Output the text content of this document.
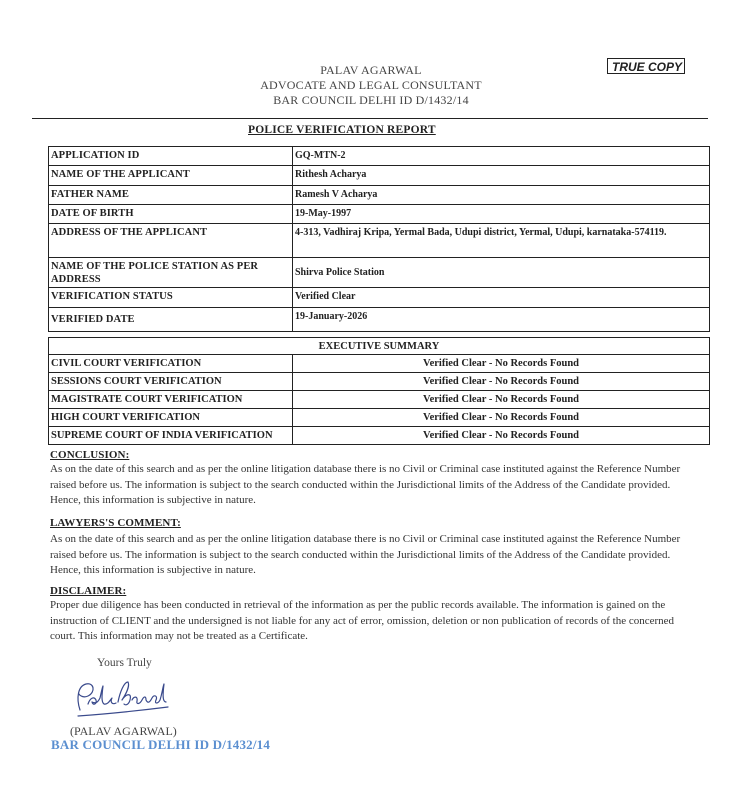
PALAV AGARWAL
ADVOCATE AND LEGAL CONSULTANT
BAR COUNCIL DELHI ID D/1432/14
TRUE COPY
POLICE VERIFICATION REPORT
APPLICATION ID	GQ-MTN-2
NAME OF THE APPLICANT	Rithesh Acharya
FATHER NAME	Ramesh V Acharya
DATE OF BIRTH	19-May-1997
ADDRESS OF THE APPLICANT	4-313, Vadhiraj Kripa, Yermal Bada, Udupi district, Yermal, Udupi, karnataka-574119.
NAME OF THE POLICE STATION AS PER ADDRESS	Shirva Police Station
VERIFICATION STATUS	Verified Clear
VERIFIED DATE	19-January-2026
EXECUTIVE SUMMARY	
CIVIL COURT VERIFICATION	Verified Clear - No Records Found
SESSIONS COURT VERIFICATION	Verified Clear - No Records Found
MAGISTRATE COURT VERIFICATION	Verified Clear - No Records Found
HIGH COURT VERIFICATION	Verified Clear - No Records Found
SUPREME COURT OF INDIA VERIFICATION	Verified Clear - No Records Found
CONCLUSION:
As on the date of this search and as per the online litigation database there is no Civil or Criminal case instituted against the Reference Number raised before us. The information is subject to the search conducted within the Jurisdictional limits of the Address of the Candidate provided. Hence, this information is subjective in nature.
LAWYERS'S COMMENT:
As on the date of this search and as per the online litigation database there is no Civil or Criminal case instituted against the Reference Number raised before us. The information is subject to the search conducted within the Jurisdictional limits of the Address of the Candidate provided. Hence, this information is subjective in nature.
DISCLAIMER:
Proper due diligence has been conducted in retrieval of the information as per the public records available. The information is gained on the instruction of CLIENT and the undersigned is not liable for any act of error, omission, deletion or non publication of records of the concerned court. This information may not be treated as a Certificate.
Yours Truly
(PALAV AGARWAL)
BAR COUNCIL DELHI ID D/1432/14
